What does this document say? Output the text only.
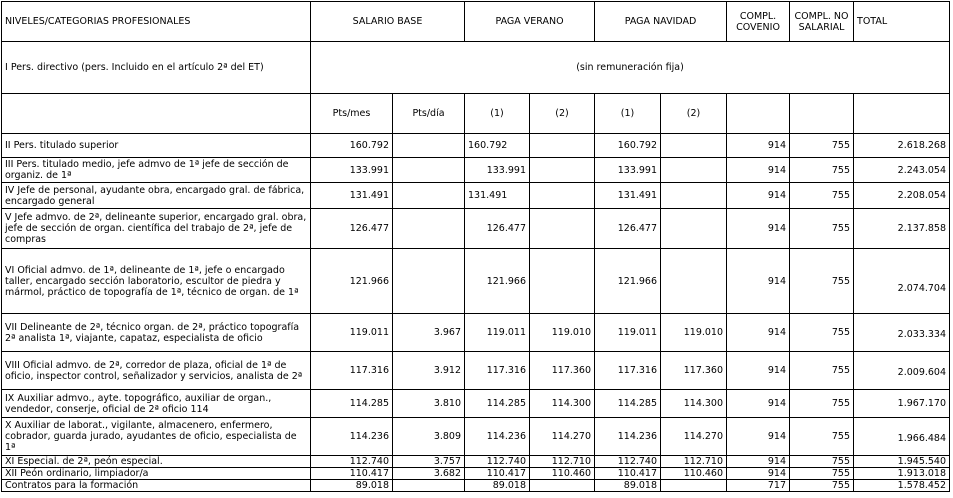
NIVELES/CATEGORIAS PROFESIONALES	SALARIO BASE		PAGA VERANO		PAGA NAVIDAD		COMPL. COVENIO	COMPL. NO SALARIAL	TOTAL
I Pers. directivo (pers. Incluido en el artículo 2ª del ET)	(sin remuneración fija)								
	Pts/mes	Pts/día	(1)	(2)	(1)	(2)			
II Pers. titulado superior	160.792		160.792		160.792		914	755	2.618.268
III Pers. titulado medio, jefe admvo de 1ª jefe de sección de organiz. de 1ª	133.991		133.991		133.991		914	755	2.243.054
IV Jefe de personal, ayudante obra, encargado gral. de fábrica, encargado general	131.491		131.491		131.491		914	755	2.208.054
V Jefe admvo. de 2ª, delineante superior, encargado gral. obra, jefe de sección de organ. científica del trabajo de 2ª, jefe de compras	126.477		126.477		126.477		914	755	2.137.858
VI Oficial admvo. de 1ª, delineante de 1ª, jefe o encargado taller, encargado sección laboratorio, escultor de piedra y mármol, práctico de topografía de 1ª, técnico de organ. de 1ª	121.966		121.966		121.966		914	755	2.074.704
VII Delineante de 2ª, técnico organ. de 2ª, práctico topografía 2ª analista 1ª, viajante, capataz, especialista de oficio	119.011	3.967	119.011	119.010	119.011	119.010	914	755	2.033.334
VIII Oficial admvo. de 2ª, corredor de plaza, oficial de 1ª de oficio, inspector control, señalizador y servicios, analista de 2ª	117.316	3.912	117.316	117.360	117.316	117.360	914	755	2.009.604
IX Auxiliar admvo., ayte. topográfico, auxiliar de organ., vendedor, conserje, oficial de 2ª oficio 114	114.285	3.810	114.285	114.300	114.285	114.300	914	755	1.967.170
X Auxiliar de laborat., vigilante, almacenero, enfermero, cobrador, guarda jurado, ayudantes de oficio, especialista de 1ª	114.236	3.809	114.236	114.270	114.236	114.270	914	755	1.966.484
XI Especial. de 2ª, peón especial.	112.740	3.757	112.740	112.710	112.740	112.710	914	755	1.945.540
XII Peón ordinario, limpiador/a	110.417	3.682	110.417	110.460	110.417	110.460	914	755	1.913.018
Contratos para la formación	89.018		89.018		89.018		717	755	1.578.452
